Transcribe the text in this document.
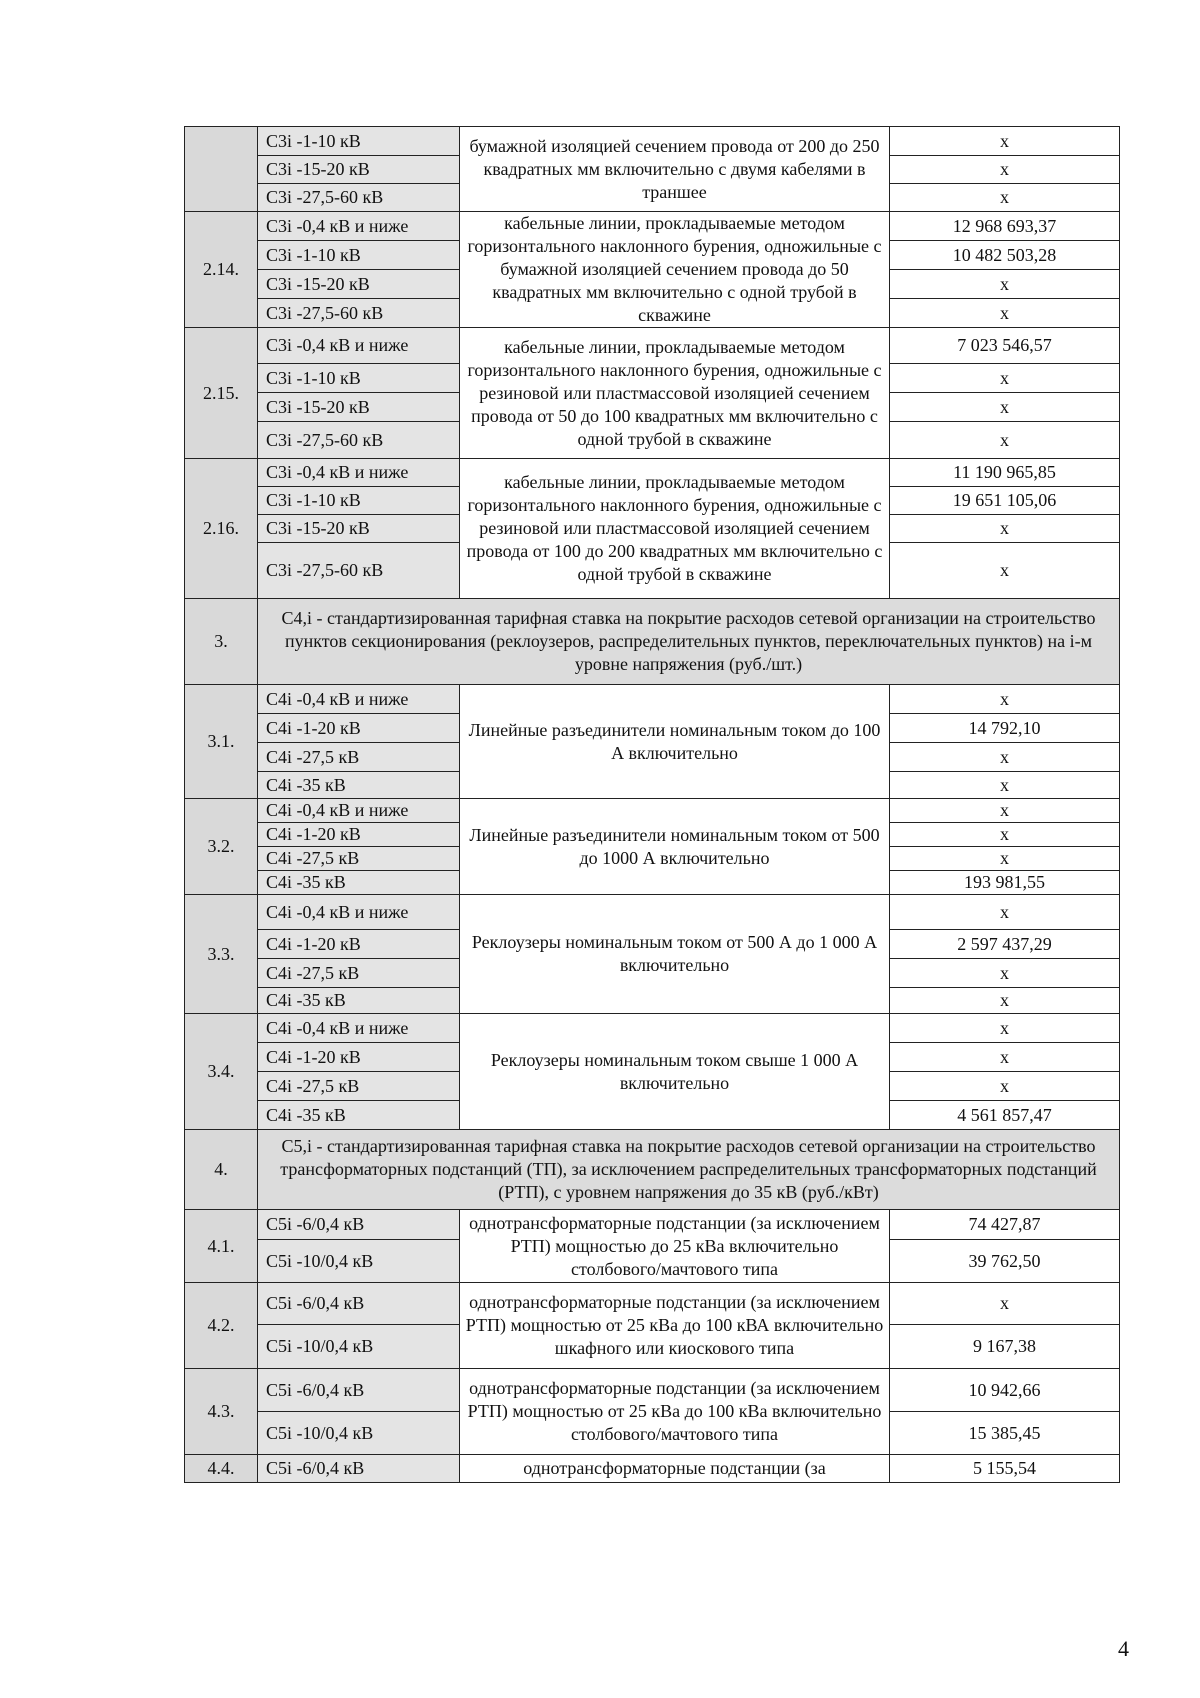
	C3i -1-10 кВ	бумажной изоляцией сечением провода от 200 до 250 квадратных мм включительно с двумя кабелями в траншее	x
	C3i -15-20 кВ		x
	C3i -27,5-60 кВ		x
2.14.	C3i -0,4 кВ и ниже	кабельные линии, прокладываемые методом горизонтального наклонного бурения, одножильные с бумажной изоляцией сечением провода до 50 квадратных мм включительно с одной трубой в скважине	12 968 693,37
	C3i -1-10 кВ		10 482 503,28
	C3i -15-20 кВ		x
	C3i -27,5-60 кВ		x
2.15.	C3i -0,4 кВ и ниже	кабельные линии, прокладываемые методом горизонтального наклонного бурения, одножильные с резиновой или пластмассовой изоляцией сечением провода от 50 до 100 квадратных мм включительно с одной трубой в скважине	7 023 546,57
	C3i -1-10 кВ		x
	C3i -15-20 кВ		x
	C3i -27,5-60 кВ		x
2.16.	C3i -0,4 кВ и ниже	кабельные линии, прокладываемые методом горизонтального наклонного бурения, одножильные с резиновой или пластмассовой изоляцией сечением провода от 100 до 200 квадратных мм включительно с одной трубой в скважине	11 190 965,85
	C3i -1-10 кВ		19 651 105,06
	C3i -15-20 кВ		x
	C3i -27,5-60 кВ		x
3.	C4,i - стандартизированная тарифная ставка на покрытие расходов сетевой организации на строительство пунктов секционирования (реклоузеров, распределительных пунктов, переключательных пунктов) на i-м уровне напряжения (руб./шт.)		
3.1.	C4i -0,4 кВ и ниже	Линейные разъединители номинальным током до 100 А включительно	x
	C4i -1-20 кВ		14 792,10
	C4i -27,5 кВ		x
	C4i -35 кВ		x
3.2.	C4i -0,4 кВ и ниже	Линейные разъединители номинальным током от 500 до 1000 А включительно	x
	C4i -1-20 кВ		x
	C4i -27,5 кВ		x
	C4i -35 кВ		193 981,55
3.3.	C4i -0,4 кВ и ниже	Реклоузеры номинальным током от 500 А до 1 000 А включительно	x
	C4i -1-20 кВ		2 597 437,29
	C4i -27,5 кВ		x
	C4i -35 кВ		x
3.4.	C4i -0,4 кВ и ниже	Реклоузеры номинальным током свыше 1 000 А включительно	x
	C4i -1-20 кВ		x
	C4i -27,5 кВ		x
	C4i -35 кВ		4 561 857,47
4.	C5,i - стандартизированная тарифная ставка на покрытие расходов сетевой организации на строительство трансформаторных подстанций (ТП), за исключением распределительных трансформаторных подстанций (РТП), с уровнем напряжения до 35 кВ (руб./кВт)		
4.1.	C5i -6/0,4 кВ	однотрансформаторные подстанции (за исключением РТП) мощностью до 25 кВа включительно столбового/мачтового типа	74 427,87
	C5i -10/0,4 кВ		39 762,50
4.2.	C5i -6/0,4 кВ	однотрансформаторные подстанции (за исключением РТП) мощностью от 25 кВа до 100 кВА включительно шкафного или киоскового типа	x
	C5i -10/0,4 кВ		9 167,38
4.3.	C5i -6/0,4 кВ	однотрансформаторные подстанции (за исключением РТП) мощностью от 25 кВа до 100 кВа включительно столбового/мачтового типа	10 942,66
	C5i -10/0,4 кВ		15 385,45
4.4.	C5i -6/0,4 кВ	однотрансформаторные подстанции (за	5 155,54
4
